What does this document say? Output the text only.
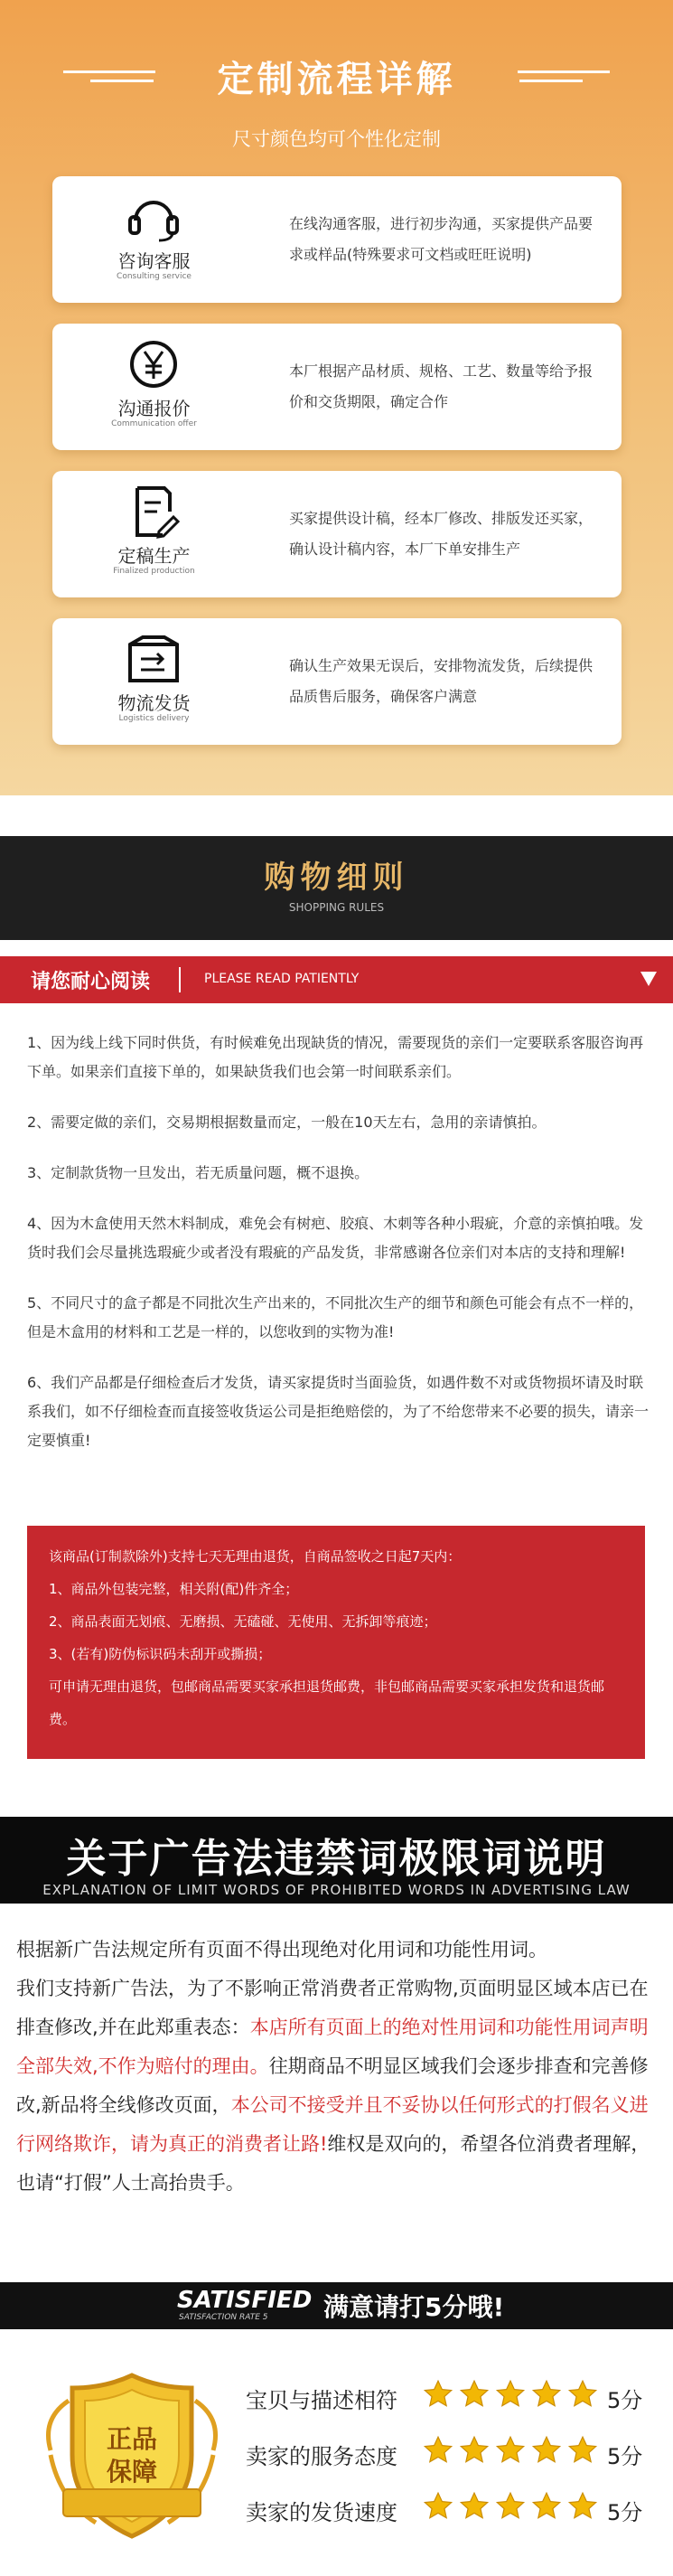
定制流程详解
尺寸颜色均可个性化定制
咨询客服
Consulting service
在线沟通客服，进行初步沟通，买家提供产品要求或样品(特殊要求可文档或旺旺说明)
沟通报价
Communication offer
本厂根据产品材质、规格、工艺、数量等给予报价和交货期限，确定合作
定稿生产
Finalized production
买家提供设计稿，经本厂修改、排版发还买家，确认设计稿内容，本厂下单安排生产
物流发货
Logistics delivery
确认生产效果无误后，安排物流发货，后续提供品质售后服务，确保客户满意
购物细则
SHOPPING RULES
请您耐心阅读	PLEASE READ PATIENTLY
1、因为线上线下同时供货，有时候难免出现缺货的情况，需要现货的亲们一定要联系客服咨询再下单。如果亲们直接下单的，如果缺货我们也会第一时间联系亲们。
2、需要定做的亲们，交易期根据数量而定，一般在10天左右，急用的亲请慎拍。
3、定制款货物一旦发出，若无质量问题，概不退换。
4、因为木盒使用天然木料制成，难免会有树疤、胶痕、木刺等各种小瑕疵，介意的亲慎拍哦。发货时我们会尽量挑选瑕疵少或者没有瑕疵的产品发货，非常感谢各位亲们对本店的支持和理解!
5、不同尺寸的盒子都是不同批次生产出来的，不同批次生产的细节和颜色可能会有点不一样的，但是木盒用的材料和工艺是一样的，以您收到的实物为准!
6、我们产品都是仔细检查后才发货，请买家提货时当面验货，如遇件数不对或货物损坏请及时联系我们，如不仔细检查而直接签收货运公司是拒绝赔偿的，为了不给您带来不必要的损失，请亲一定要慎重!
该商品(订制款除外)支持七天无理由退货，自商品签收之日起7天内：
1、商品外包装完整，相关附(配)件齐全；
2、商品表面无划痕、无磨损、无磕碰、无使用、无拆卸等痕迹；
3、(若有)防伪标识码未刮开或撕损；
可申请无理由退货，包邮商品需要买家承担退货邮费，非包邮商品需要买家承担发货和退货邮费。
关于广告法违禁词极限词说明
EXPLANATION OF LIMIT WORDS OF PROHIBITED WORDS IN ADVERTISING LAW
根据新广告法规定所有页面不得出现绝对化用词和功能性用词。
我们支持新广告法，为了不影响正常消费者正常购物,页面明显区域本店已在排查修改,并在此郑重表态：本店所有页面上的绝对性用词和功能性用词声明全部失效,不作为赔付的理由。往期商品不明显区域我们会逐步排查和完善修改,新品将全线修改页面，本公司不接受并且不妥协以任何形式的打假名义进行网络欺诈，请为真正的消费者让路!维权是双向的，希望各位消费者理解，也请“打假”人士高抬贵手。
SATISFIED
SATISFACTION RATE 5 满意请打5分哦!
正品
保障
宝贝与描述相符	5分
卖家的服务态度	5分
卖家的发货速度	5分
